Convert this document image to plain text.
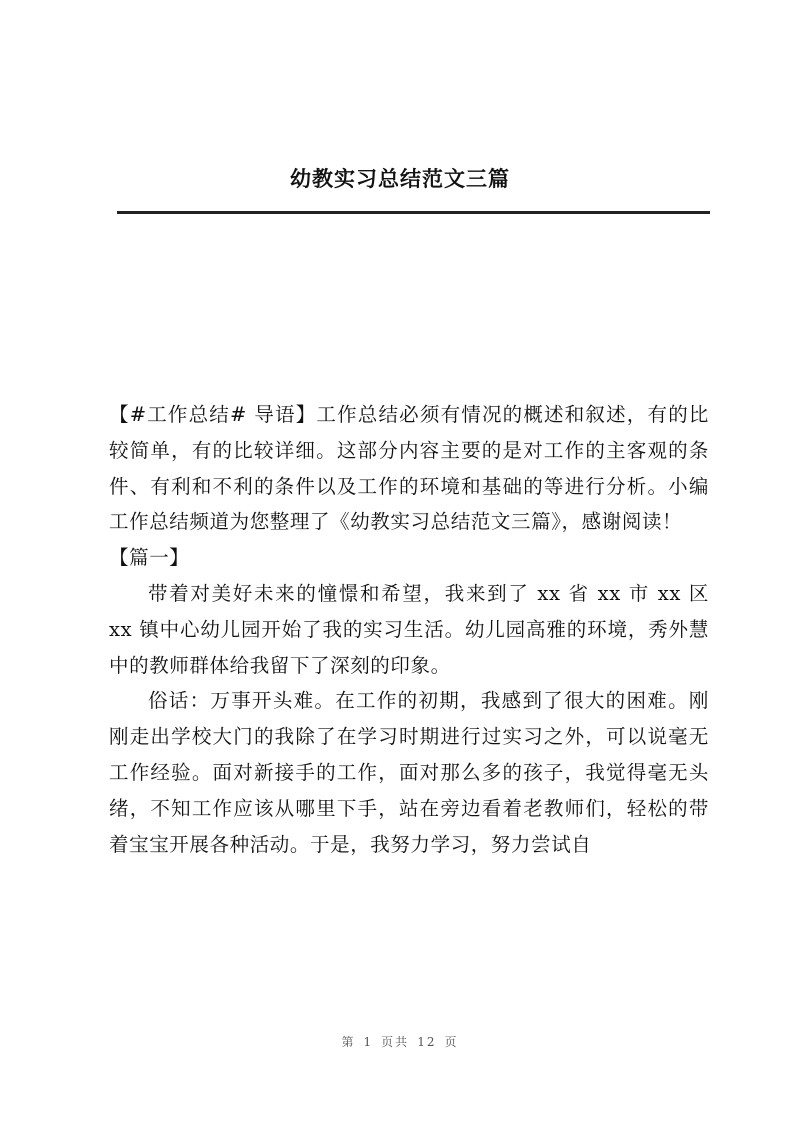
幼教实习总结范文三篇

【#工作总结# 导语】工作总结必须有情况的概述和叙述，有的比较简单，有的比较详细。这部分内容主要的是对工作的主客观的条件、有利和不利的条件以及工作的环境和基础的等进行分析。小编工作总结频道为您整理了《幼教实习总结范文三篇》，感谢阅读！

【篇一】

带着对美好未来的憧憬和希望，我来到了 xx 省 xx 市 xx 区 xx 镇中心幼儿园开始了我的实习生活。幼儿园高雅的环境，秀外慧中的教师群体给我留下了深刻的印象。

俗话：万事开头难。在工作的初期，我感到了很大的困难。刚刚走出学校大门的我除了在学习时期进行过实习之外，可以说毫无工作经验。面对新接手的工作，面对那么多的孩子，我觉得毫无头绪，不知工作应该从哪里下手，站在旁边看着老教师们，轻松的带着宝宝开展各种活动。于是，我努力学习，努力尝试自

第 1 页共 12 页
